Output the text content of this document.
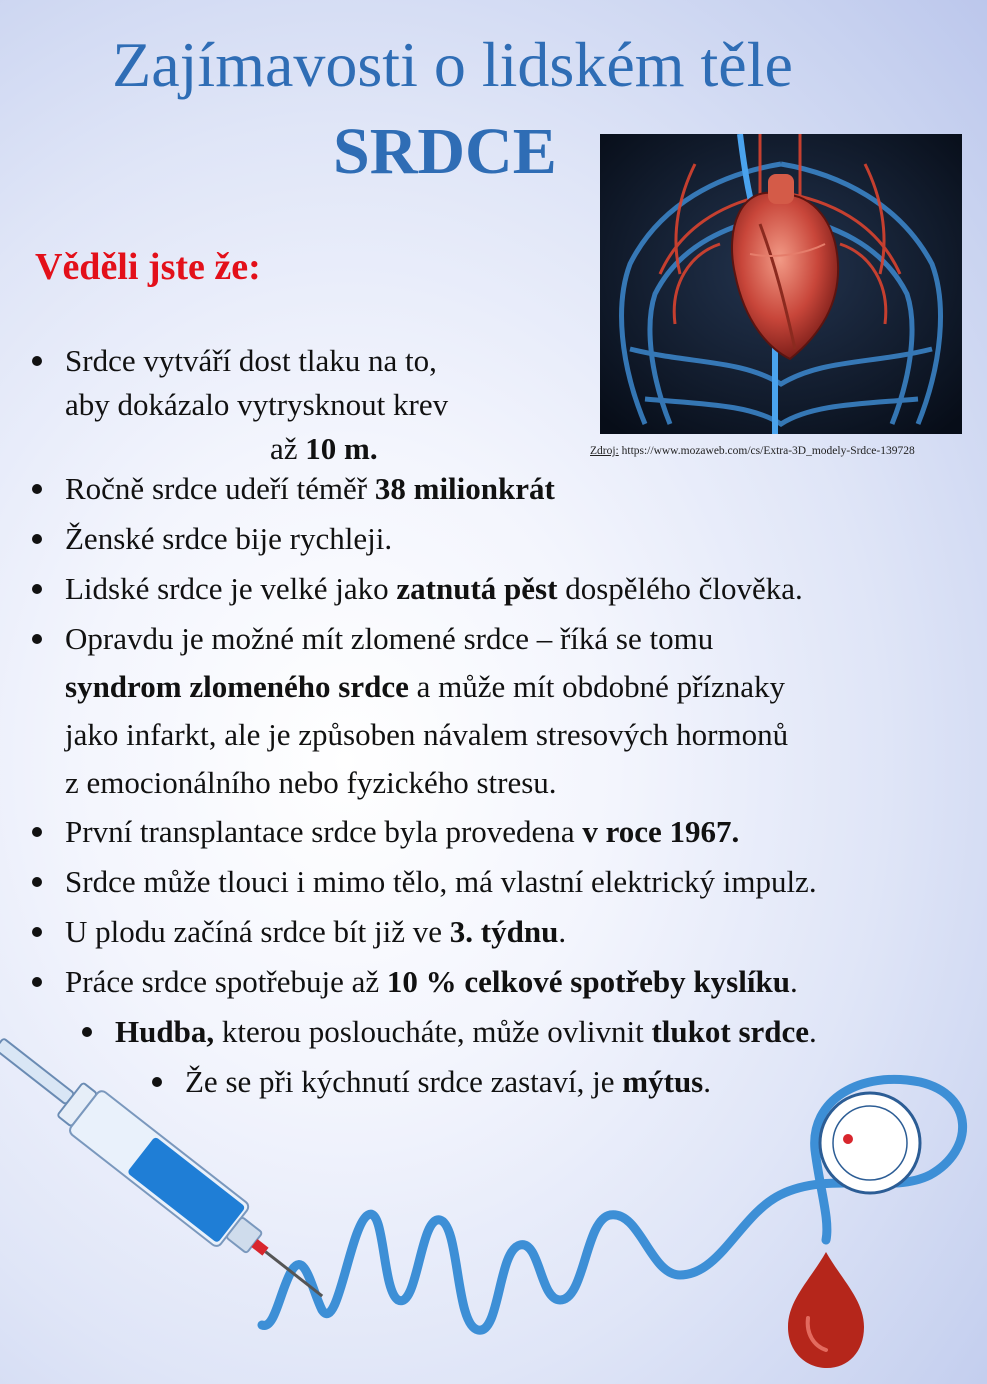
Zajímavosti o lidském těle
SRDCE
Věděli jste že:
Zdroj: https://www.mozaweb.com/cs/Extra-3D_modely-Srdce-139728
Srdce vytváří dost tlaku na to,
aby dokázalo vytrysknout krev
až 10 m.
Ročně srdce udeří téměř 38 milionkrát
Ženské srdce bije rychleji.
Lidské srdce je velké jako zatnutá pěst dospělého člověka.
Opravdu je možné mít zlomené srdce – říká se tomu
syndrom zlomeného srdce a může mít obdobné příznaky
jako infarkt, ale je způsoben návalem stresových hormonů
z emocionálního nebo fyzického stresu.
První transplantace srdce byla provedena v roce 1967.
Srdce může tlouci i mimo tělo, má vlastní elektrický impulz.
U plodu začíná srdce bít již ve 3. týdnu.
Práce srdce spotřebuje až 10 % celkové spotřeby kyslíku.
Hudba, kterou posloucháte, může ovlivnit tlukot srdce.
Že se při kýchnutí srdce zastaví, je mýtus.
